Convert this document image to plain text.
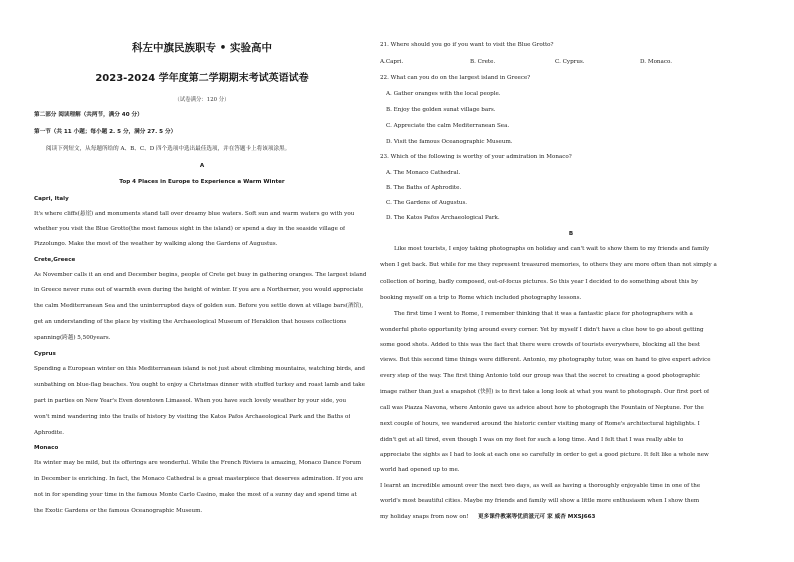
科左中旗民族职专 • 实验高中
2023-2024 学年度第二学期期末考试英语试卷
（试卷满分：120 分）
第二部分 阅读理解（共两节，满分 40 分）
第一节（共 11 小题；每小题 2. 5 分，满分 27. 5 分）
阅读下列短文，从每题所给的 A、B、C、D 四个选项中选出最佳选项，并在答题卡上将该项涂黑。
A
Top 4 Places in Europe to Experience a Warm Winter
Capri, Italy
It's where cliffs(悬崖) and monuments stand tall over dreamy blue waters. Soft sun and warm waters go with you
whether you visit the Blue Grotto(the most famous sight in the island) or spend a day in the seaside village of
Pizzolungo. Make the most of the weather by walking along the Gardens of Augustus.
Crete,Greece
As November calls it an end and December begins, people of Crete get busy in gathering oranges. The largest island
in Greece never runs out of warmth even during the height of winter. If you are a Northerner, you would appreciate
the calm Mediterranean Sea and the uninterrupted days of golden sun. Before you settle down at village bars(酒馆),
get an understanding of the place by visiting the Archaeological Museum of Heraklion that houses collections
spanning(跨越) 5,500years.
Cyprus
Spending a European winter on this Mediterranean island is not just about climbing mountains, watching birds, and
sunbathing on blue-flag beaches. You ought to enjoy a Christmas dinner with stuffed turkey and roast lamb and take
part in parties on New Year's Even downtown Limassol. When you have such lovely weather by your side, you
won't mind wandering into the trails of history by visiting the Katos Pafos Archaeological Park and the Baths of
Aphrodite.
Monaco
Its winter may be mild, but its offerings are wonderful. While the French Riviera is amazing, Monaco Dance Forum
in December is enriching. In fact, the Monaco Cathedral is a great masterpiece that deserves admiration. If you are
not in for spending your time in the famous Monte Carlo Casino, make the most of a sunny day and spend time at
the Exotic Gardens or the famous Oceanographic Museum.
21. Where should you go if you want to visit the Blue Grotto?
A.Capri.	B. Crete.	C. Cyprus.	D. Monaco.
22. What can you do on the largest island in Greece?
A. Gather oranges with the local people.
B. Enjoy the golden sunat village bars.
C. Appreciate the calm Mediterranean Sea.
D. Visit the famous Oceanographic Museum.
23. Which of the following is worthy of your admiration in Monaco?
A. The Monaco Cathedral.
B. The Baths of Aphrodite.
C. The Gardens of Augustus.
D. The Katos Pafos Archaeological Park.
B
Like most tourists, I enjoy taking photographs on holiday and can't wait to show them to my friends and family
when I get back. But while for me they represent treasured memories, to others they are more often than not simply a
collection of boring, badly composed, out-of-focus pictures. So this year I decided to do something about this by
booking myself on a trip to Rome which included photography lessons.
The first time I went to Rome, I remember thinking that it was a fantastic place for photographers with a
wonderful photo opportunity lying around every corner. Yet by myself I didn't have a clue how to go about getting
some good shots. Added to this was the fact that there were crowds of tourists everywhere, blocking all the best
views. But this second time things were different. Antonio, my photography tutor, was on hand to give expert advice
every step of the way. The first thing Antonio told our group was that the secret to creating a good photographic
image rather than just a snapshot (快照) is to first take a long look at what you want to photograph. Our first port of
call was Piazza Navona, where Antonio gave us advice about how to photograph the Fountain of Neptune. For the
next couple of hours, we wandered around the historic center visiting many of Rome's architectural highlights. I
didn't get at all tired, even though I was on my feet for such a long time. And I felt that I was really able to
appreciate the sights as I had to look at each one so carefully in order to get a good picture. It felt like a whole new
world had opened up to me.
I learnt an incredible amount over the next two days, as well as having a thoroughly enjoyable time in one of the
world's most beautiful cities. Maybe my friends and family will show a little more enthusiasm when I show them
my holiday snaps from now on! 更多课件教案等优质滋元可 家 威杏 MXSJ663
